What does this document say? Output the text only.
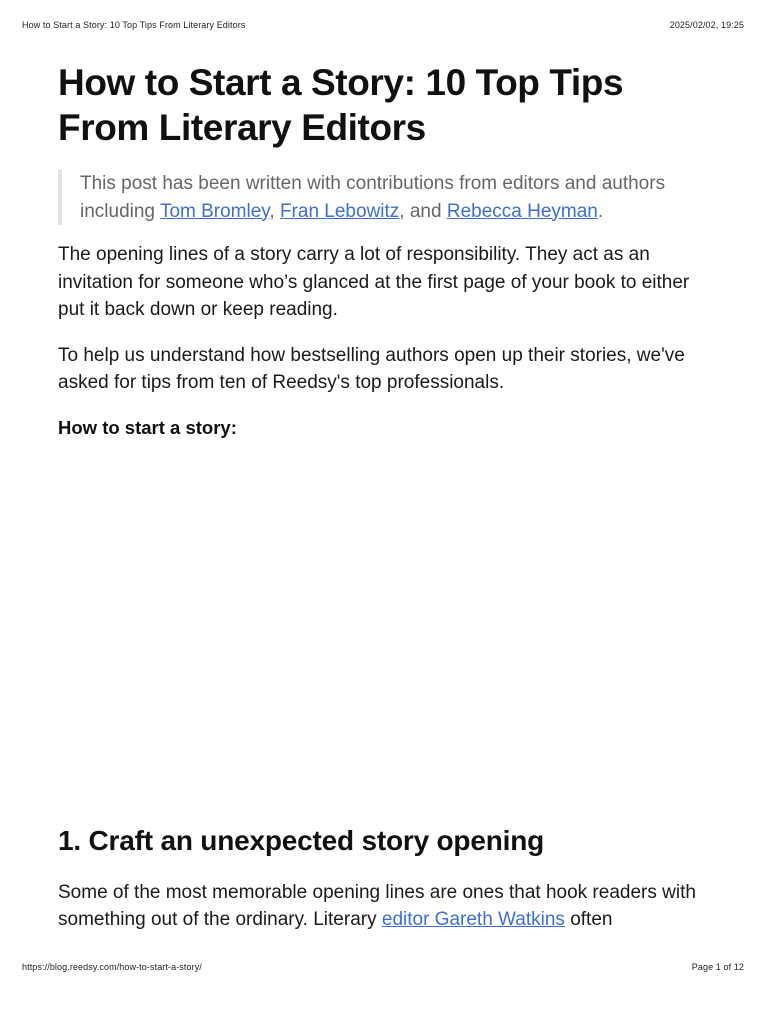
How to Start a Story: 10 Top Tips From Literary Editors	2025/02/02, 19:25
How to Start a Story: 10 Top Tips
From Literary Editors
This post has been written with contributions from editors and authors including Tom Bromley, Fran Lebowitz, and Rebecca Heyman.

The opening lines of a story carry a lot of responsibility. They act as an invitation for someone who’s glanced at the first page of your book to either put it back down or keep reading.

To help us understand how bestselling authors open up their stories, we've asked for tips from ten of Reedsy's top professionals.

How to start a story:

1. Craft an unexpected story opening

Some of the most memorable opening lines are ones that hook readers with something out of the ordinary. Literary editor Gareth Watkins often

https://blog.reedsy.com/how-to-start-a-story/	Page 1 of 12
